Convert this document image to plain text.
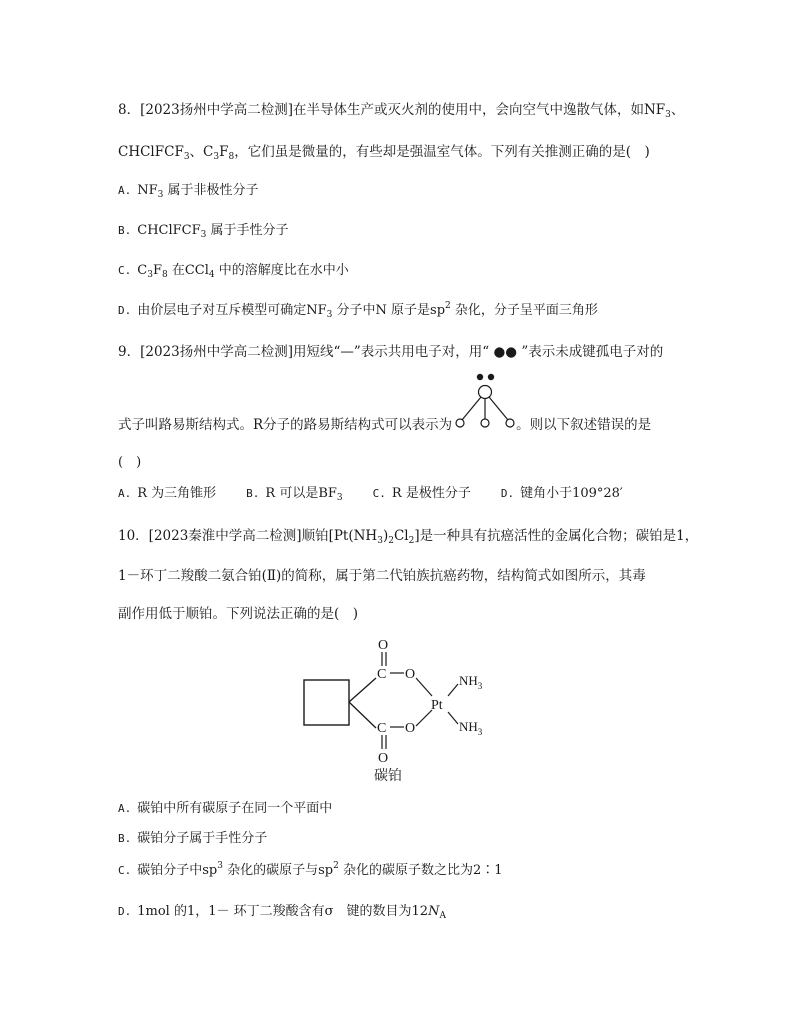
8．[2023扬州中学高二检测]在半导体生产或灭火剂的使用中，会向空气中逸散气体，如$NF_3$、
CHClFCF$_3$、$C_3F_8$，它们虽是微量的，有些却是强温室气体。下列有关推测正确的是(　)
A. $NF_3$ 属于非极性分子
B. CHClFCF$_3$ 属于手性分子
C. $C_3F_8$ 在CCl$_4$ 中的溶解度比在水中小
D. 由价层电子对互斥模型可确定$NF_3$ 分子中N 原子是$sp^2$ 杂化，分子呈平面三角形
9．[2023扬州中学高二检测]用短线“—”表示共用电子对，用“ ●● ”表示未成键孤电子对的
式子叫路易斯结构式。R分子的路易斯结构式可以表示为	。则以下叙述错误的是
(　)
A. R 为三角锥形	B. R 可以是$BF_3$	C. R 是极性分子	D. 键角小于109°28′
10．[2023秦淮中学高二检测]顺铂$[Pt(NH_3)_2Cl_2]$是一种具有抗癌活性的金属化合物；碳铂是1，
1－环丁二羧酸二氨合铂(Ⅱ)的简称，属于第二代铂族抗癌药物，结构简式如图所示，其毒
副作用低于顺铂。下列说法正确的是(　)
O
C O
Pt
$NH_3$
$NH_3$
O
C
O
碳铂
A. 碳铂中所有碳原子在同一个平面中
B. 碳铂分子属于手性分子
C. 碳铂分子中$sp^3$ 杂化的碳原子与$sp^2$ 杂化的碳原子数之比为2∶1
D. 1mol 的1，1－ 环丁二羧酸含有σ　键的数目为$12N_A$
